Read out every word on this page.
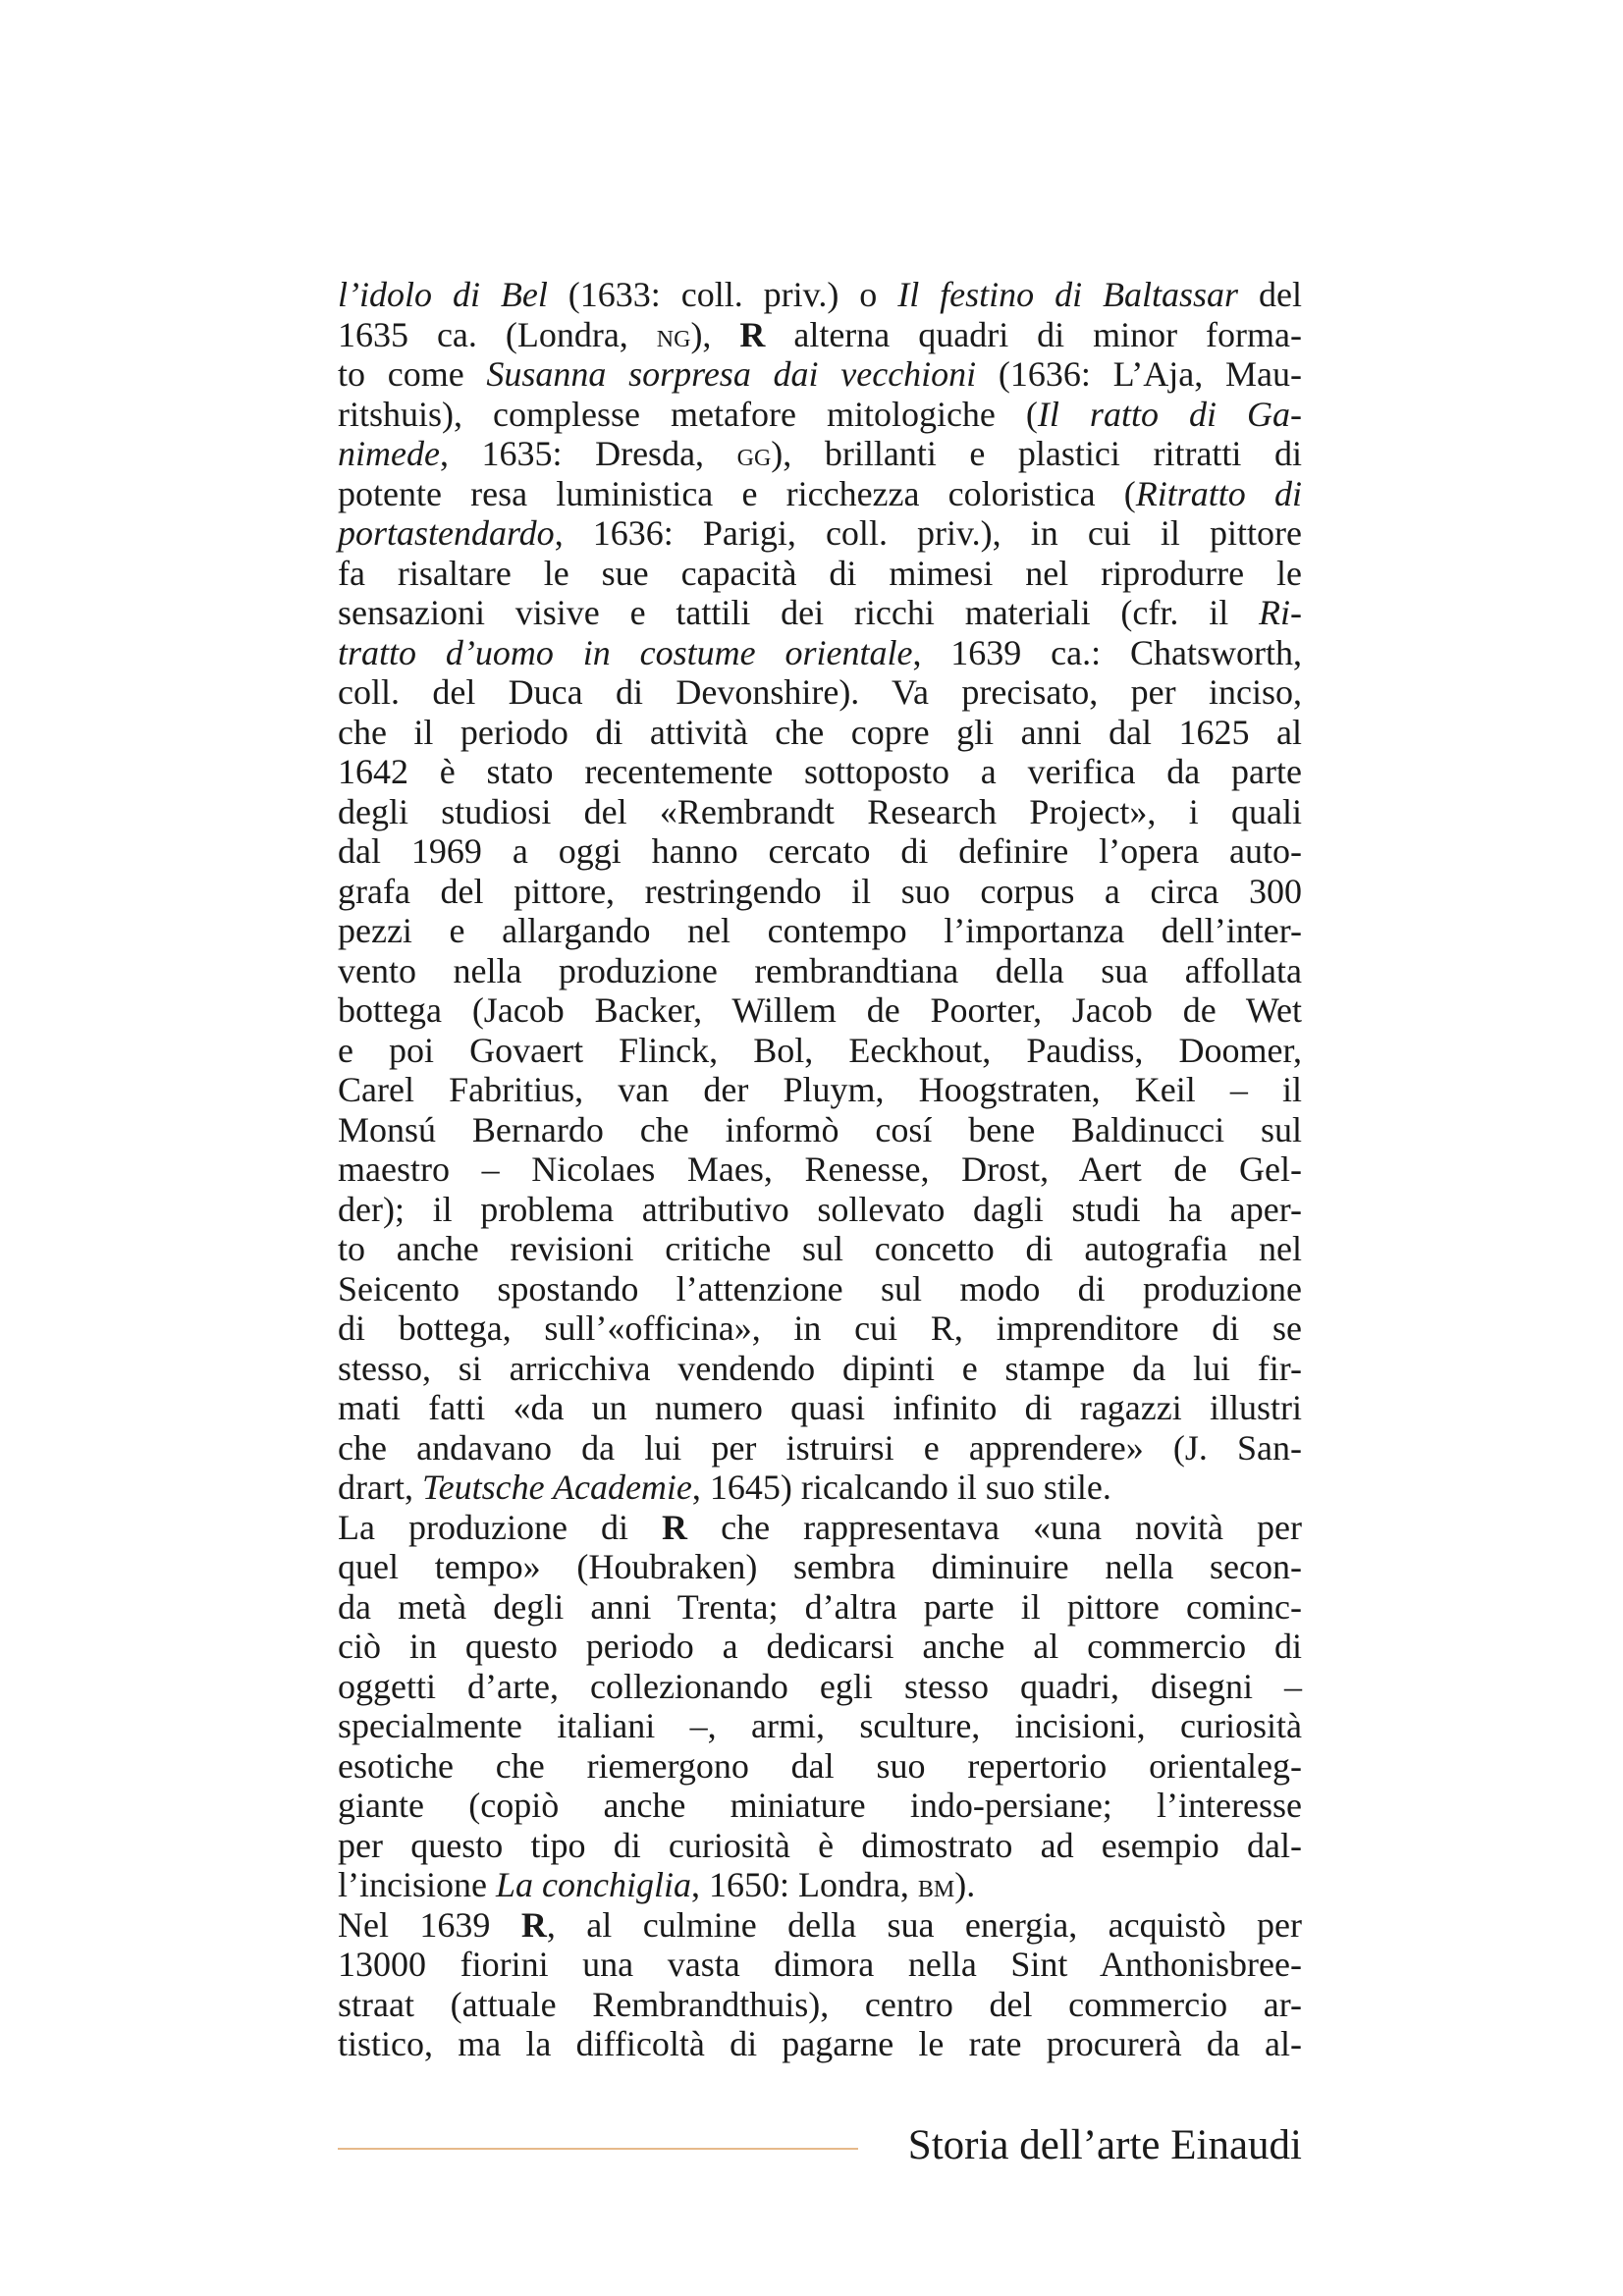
l’idolo di Bel (1633: coll. priv.) o Il festino di Baltassar del
1635 ca. (Londra, ng), R alterna quadri di minor forma-
to come Susanna sorpresa dai vecchioni (1636: L’Aja, Mau-
ritshuis), complesse metafore mitologiche (Il ratto di Ga-
nimede, 1635: Dresda, gg), brillanti e plastici ritratti di
potente resa luministica e ricchezza coloristica (Ritratto di
portastendardo, 1636: Parigi, coll. priv.), in cui il pittore
fa risaltare le sue capacità di mimesi nel riprodurre le
sensazioni visive e tattili dei ricchi materiali (cfr. il Ri-
tratto d’uomo in costume orientale, 1639 ca.: Chatsworth,
coll. del Duca di Devonshire). Va precisato, per inciso,
che il periodo di attività che copre gli anni dal 1625 al
1642 è stato recentemente sottoposto a verifica da parte
degli studiosi del «Rembrandt Research Project», i quali
dal 1969 a oggi hanno cercato di definire l’opera auto-
grafa del pittore, restringendo il suo corpus a circa 300
pezzi e allargando nel contempo l’importanza dell’inter-
vento nella produzione rembrandtiana della sua affollata
bottega (Jacob Backer, Willem de Poorter, Jacob de Wet
e poi Govaert Flinck, Bol, Eeckhout, Paudiss, Doomer,
Carel Fabritius, van der Pluym, Hoogstraten, Keil – il
Monsú Bernardo che informò cosí bene Baldinucci sul
maestro – Nicolaes Maes, Renesse, Drost, Aert de Gel-
der); il problema attributivo sollevato dagli studi ha aper-
to anche revisioni critiche sul concetto di autografia nel
Seicento spostando l’attenzione sul modo di produzione
di bottega, sull’«officina», in cui R, imprenditore di se
stesso, si arricchiva vendendo dipinti e stampe da lui fir-
mati fatti «da un numero quasi infinito di ragazzi illustri
che andavano da lui per istruirsi e apprendere» (J. San-
drart, Teutsche Academie, 1645) ricalcando il suo stile.
La produzione di R che rappresentava «una novità per
quel tempo» (Houbraken) sembra diminuire nella secon-
da metà degli anni Trenta; d’altra parte il pittore cominc-
ciò in questo periodo a dedicarsi anche al commercio di
oggetti d’arte, collezionando egli stesso quadri, disegni –
specialmente italiani –, armi, sculture, incisioni, curiosità
esotiche che riemergono dal suo repertorio orientaleg-
giante (copiò anche miniature indo-persiane; l’interesse
per questo tipo di curiosità è dimostrato ad esempio dal-
l’incisione La conchiglia, 1650: Londra, bm).
Nel 1639 R, al culmine della sua energia, acquistò per
13000 fiorini una vasta dimora nella Sint Anthonisbree-
straat (attuale Rembrandthuis), centro del commercio ar-
tistico, ma la difficoltà di pagarne le rate procurerà da al-
Storia dell’arte Einaudi
